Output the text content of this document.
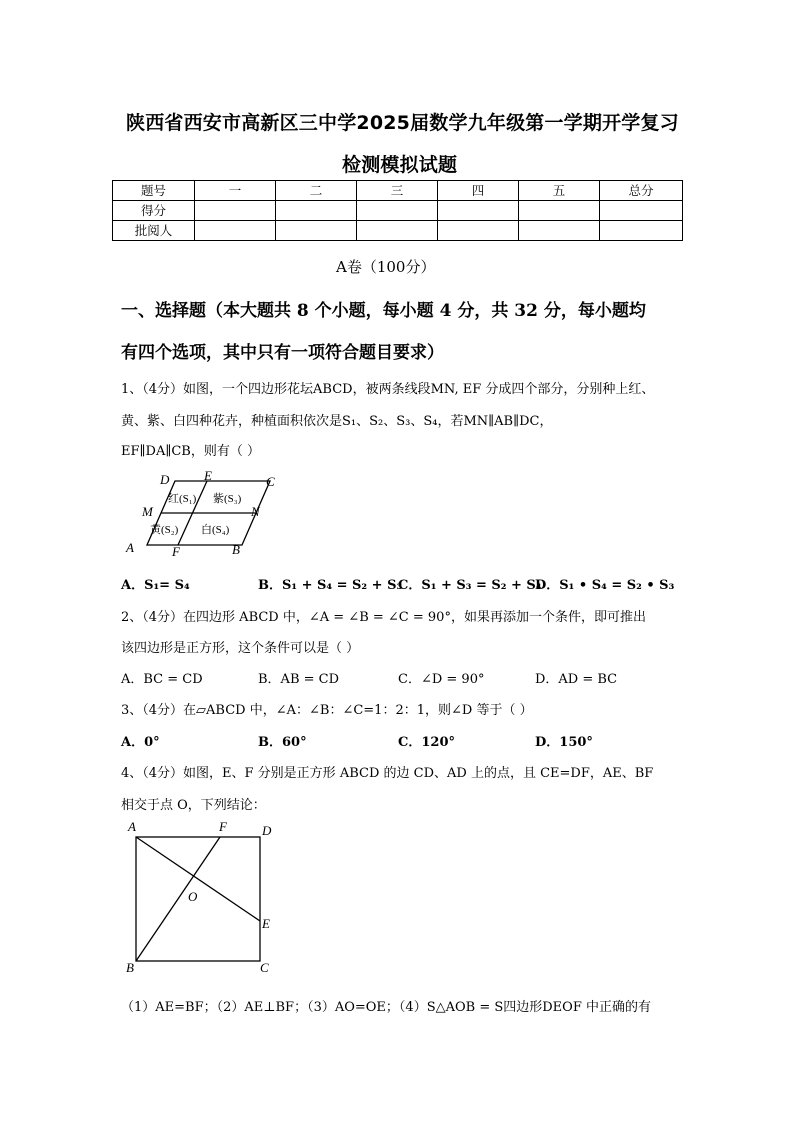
陕西省西安市高新区三中学2025届数学九年级第一学期开学复习
检测模拟试题
题号	一	二	三	四	五	总分
得分						
批阅人						
A卷（100分）
一、选择题（本大题共 8 个小题，每小题 4 分，共 32 分，每小题均
有四个选项，其中只有一项符合题目要求）
1、（4分）如图，一个四边形花坛ABCD，被两条线段MN, EF 分成四个部分，分别种上红、
黄、紫、白四种花卉，种植面积依次是S₁、S₂、S₃、S₄，若MN∥AB∥DC，
EF∥DA∥CB，则有（ ）
D	E	C
M	N
A	F	B
红(S₁) 紫(S₃)
黄(S₂) 白(S₄)
A．S₁= S₄	B．S₁ + S₄ = S₂ + S₃
C．S₁ + S₃ = S₂ + S₄
D．S₁ • S₄ = S₂ • S₃
2、（4分）在四边形 ABCD 中，∠A = ∠B = ∠C = 90°，如果再添加一个条件，即可推出
该四边形是正方形，这个条件可以是（ ）
A．BC = CD	B．AB = CD	C．∠D = 90°	D．AD = BC
3、（4分）在▱ABCD 中，∠A：∠B：∠C=1：2：1，则∠D 等于（ ）
A．0°	B．60°	C．120°	D．150°
4、（4分）如图，E、F 分别是正方形 ABCD 的边 CD、AD 上的点，且 CE=DF，AE、BF
相交于点 O，下列结论：
A	F	D
O
E
B	C
（1）AE=BF；（2）AE⊥BF；（3）AO=OE；（4）S△AOB = S四边形DEOF 中正确的有
